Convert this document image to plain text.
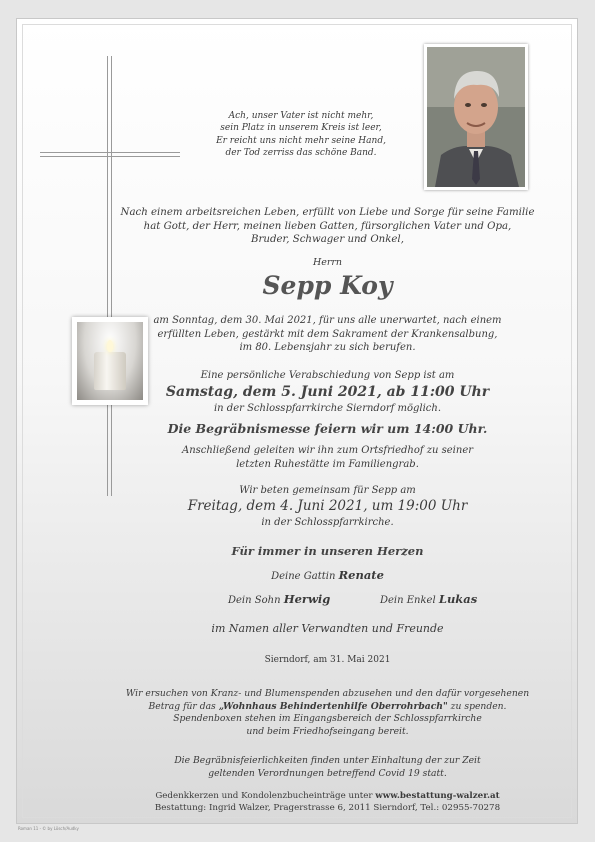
Ach, unser Vater ist nicht mehr,
sein Platz in unserem Kreis ist leer,
Er reicht uns nicht mehr seine Hand,
der Tod zerriss das schöne Band.
Nach einem arbeitsreichen Leben, erfüllt von Liebe und Sorge für seine Familie
hat Gott, der Herr, meinen lieben Gatten, fürsorglichen Vater und Opa,
Bruder, Schwager und Onkel,
Herrn
Sepp Koy
am Sonntag, dem 30. Mai 2021, für uns alle unerwartet, nach einem
erfüllten Leben, gestärkt mit dem Sakrament der Krankensalbung,
im 80. Lebensjahr zu sich berufen.
Eine persönliche Verabschiedung von Sepp ist am
Samstag, dem 5. Juni 2021, ab 11:00 Uhr
in der Schlosspfarrkirche Sierndorf möglich.
Die Begräbnismesse feiern wir um 14:00 Uhr.
Anschließend geleiten wir ihn zum Ortsfriedhof zu seiner
letzten Ruhestätte im Familiengrab.
Wir beten gemeinsam für Sepp am
Freitag, dem 4. Juni 2021, um 19:00 Uhr
in der Schlosspfarrkirche.
Für immer in unseren Herzen
Deine Gattin Renate
Dein Sohn Herwig	Dein Enkel Lukas
im Namen aller Verwandten und Freunde
Sierndorf, am 31. Mai 2021
Wir ersuchen von Kranz- und Blumenspenden abzusehen und den dafür vorgesehenen
Betrag für das „Wohnhaus Behindertenhilfe Oberrohrbach" zu spenden.
Spendenboxen stehen im Eingangsbereich der Schlosspfarrkirche
und beim Friedhofseingang bereit.
Die Begräbnisfeierlichkeiten finden unter Einhaltung der zur Zeit
geltenden Verordnungen betreffend Covid 19 statt.
Gedenkkerzen und Kondolenzbucheinträge unter www.bestattung-walzer.at
Bestattung: Ingrid Walzer, Pragerstrasse 6, 2011 Sierndorf, Tel.: 02955-70278
Roman 11 - © by Lösch/Audky
